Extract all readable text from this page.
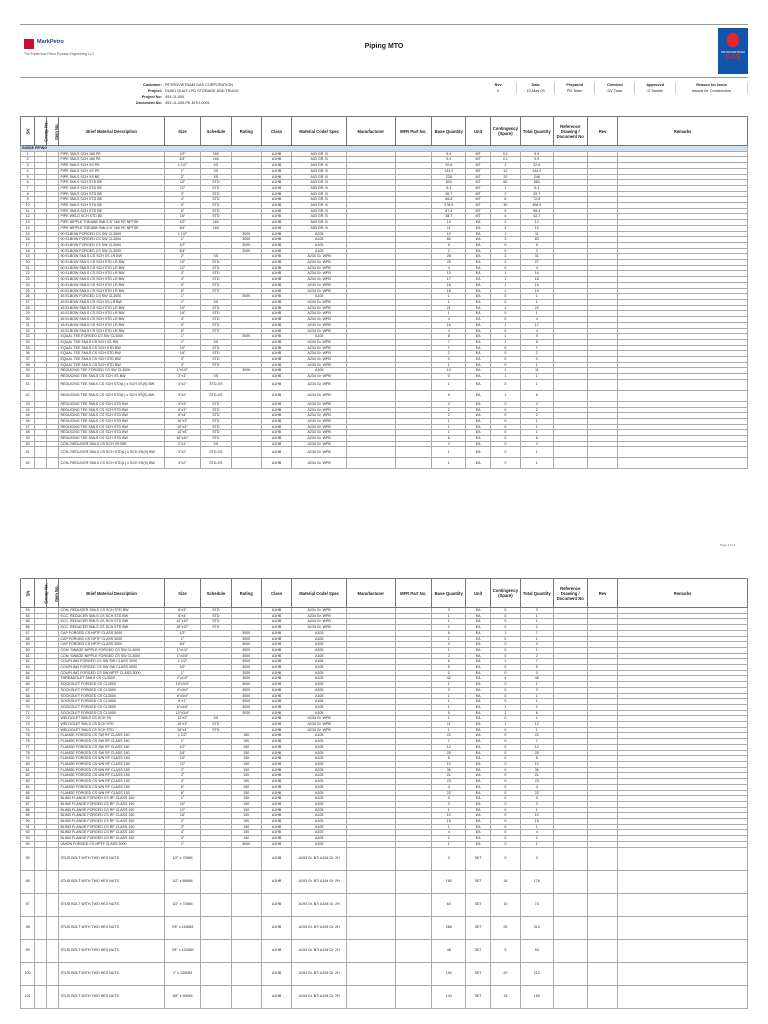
MarkPetro
The Fullservice Petrol Process Engineering LLC
Piping MTO
PETROVIETNAM
GAS
Customer: PETROVIETNAM GAS CORPORATION
Project: DUNG QUAT LPG STORAGE AND TRUCK
Project No: 493-J1-005
Document No: 493-J1-005-PE-MTO-0001
Rev	Date	Prepared	Checked	Approved	Reason for Issue
0	10-May-09	PD Team	DV Tuan	D Swartz	Issued for Construction
SN	Group No.	Item No.	Brief Material Description	Size	Schedule	Rating	Class	Material Code/ Spec	Manufacturer	MFR Part No.	Base Quantity	Unit	Contingency (Spare)	Total Quantity	Reference Drawing / Document No	Rev	Remarks
INSIDE PIPING																	
1			PIPE SMLS SCH 160 PE	1/2"	160		A1HB	A53 GR. B			5.4	MT	0.1	5.5			
2			PIPE SMLS SCH 160 PE	3/4"	160		A1HB	A53 GR. B			5.4	MT	0.1	5.5			
3			PIPE SMLS SCH XS PE	1 1/2"	XS		A1HB	A53 GR. B			20.6	MT	2	22.6			
4			PIPE SMLS SCH XS PE	1"	XS		A1HB	A53 GR. B			134.2	MT	10	144.2			
5			PIPE SMLS SCH XS BE	2"	XS		A1HB	A53 GR. B			228	MT	20	248			
6			PIPE SMLS SCH STD BE	10"	STD		A1HB	A53 GR. B			503	MT	60	563			
7			PIPE SMLS SCH STD BE	12"	STD		A1HB	A53 GR. B			5.4	MT	1	6.4			
8			PIPE SMLS SCH STD BE	3"	STD		A1HB	A53 GR. B			26.7	MT	3	29.7			
9			PIPE SMLS SCH STD BE	4"	STD		A1HB	A53 GR. B			66.8	MT	6	72.8			
10			PIPE SMLS SCH STD BE	6"	STD		A1HB	A53 GR. B			278.9	MT	30	308.9			
11			PIPE SMLS SCH STD BE	8"	STD		A1HB	A53 GR. B			87.4	MT	9	96.4			
12			PIPE WELD SCH STD BE	16"	STD		A1HB	A53 GR. B			38.7	MT	4	42.7			
13			PIPE NIPPLE TOEABE SMLS 6" 160 PE NPTSE	1/2"	160		A1HB	A53 GR. B			10	EA	2	12			
14			PIPE NIPPLE TOEABE SMLS 6" 160 PE NPTSE	3/4"	160		A1HB	A53 GR. B			11	EA	4	15			
15			90 ELBOW FORGED CS SW CL3000	1 1/2"		3000	A1HB	A105			10	EA	1	11			
16			90 ELBOW FORGED CS SW CL3000	1"		3000	A1HB	A105			80	EA	3	83			
17			90 ELBOW FORGED CS SW CL3000	1/2"		3000	A1HB	A105			5	EA	0	5			
18			90 ELBOW FORGED CS SW CL3000	3/4"		3000	A1HB	A105			2	EA	0	2			
19			90 ELBOW SMLS CS SCH XS LR BW	2"	XS		A1HB	A234 Gr. WPB			28	EA	3	31			
20			90 ELBOW SMLS CS SCH STD LR BW	10"	STD		A1HB	A234 Gr. WPB			25	EA	2	27			
21			90 ELBOW SMLS CS SCH STD LR BW	12"	STD		A1HB	A234 Gr. WPB			4	EA	0	4			
22			90 ELBOW SMLS CS SCH STD LR BW	3"	STD		A1HB	A234 Gr. WPB			13	EA	1	14			
23			90 ELBOW SMLS CS SCH STD LR BW	4"	STD		A1HB	A234 Gr. WPB			17	EA	1	18			
24			90 ELBOW SMLS CS SCH STD LR BW	6"	STD		A1HB	A234 Gr. WPB			18	EA	1	19			
25			90 ELBOW SMLS CS SCH STD LR BW	8"	STD		A1HB	A234 Gr. WPB			18	EA	1	19			
26			45 ELBOW FORGED CS SW CL3000	1"		3000	A1HB	A105			1	EA	0	1			
27			45 ELBOW SMLS CS SCH XS LR BW	2"	XS		A1HB	A234 Gr. WPB			1	EA	0	1			
28			45 ELBOW SMLS CS SCH STD LR BW	10"	STD		A1HB	A234 Gr. WPB			21	EA	1	22			
29			45 ELBOW SMLS CS SCH STD LR BW	16"	STD		A1HB	A234 Gr. WPB			1	EA	0	1			
30			45 ELBOW SMLS CS SCH STD LR BW	4"	STD		A1HB	A234 Gr. WPB			4	EA	0	4			
31			45 ELBOW SMLS CS SCH STD LR BW	6"	STD		A1HB	A234 Gr. WPB			16	EA	1	17			
32			45 ELBOW SMLS CS SCH STD LR BW	8"	STD		A1HB	A234 Gr. WPB			4	EA	0	4			
33			EQUAL TEE FORGED CS SW CL3000	1"		3000	A1HB	A105			8	EA	1	9			
34			EQUAL TEE SMLS CS SCH XS BW	2"	XS		A1HB	A234 Gr. WPB			7	EA	1	8			
35			EQUAL TEE SMLS CS SCH STD BW	10"	STD		A1HB	A234 Gr. WPB			7	EA	0	7			
36			EQUAL TEE SMLS CS SCH STD BW	16"	STD		A1HB	A234 Gr. WPB			2	EA	0	2			
37			EQUAL TEE SMLS CS SCH STD BW	3"	STD		A1HB	A234 Gr. WPB			0	EA	0	0			
38			EQUAL TEE SMLS CS SCH STD BW	4"	STD		A1HB	A234 Gr. WPB			1	EA	0	1			
39			REDUCING TEE FORGED CS SW CL3000	1"x1/2"		3000	A1HB	A105			10	EA	1	11			
40			REDUCING TEE SMLS CS SCH XS BW	2"x1"	XS		A1HB	A234 Gr. WPB			0	EA	1	1			
41			REDUCING TEE SMLS CS SCH STD(L) x SCH XS(S) BW	3"x2"	STD-XS		A1HB	A234 Gr. WPB			1	EA	0	1			
42			REDUCING TEE SMLS CS SCH STD(L) x SCH XS(S) BW	3"x2"	STD-XS		A1HB	A234 Gr. WPB			5	EA	1	6			
43			REDUCING TEE SMLS CS SCH STD BW	4"x3"	STD		A1HB	A234 Gr. WPB			2	EA	0	2			
44			REDUCING TEE SMLS CS SCH STD BW	6"x3"	STD		A1HB	A234 Gr. WPB			2	EA	0	2			
45			REDUCING TEE SMLS CS SCH STD BW	6"x4"	STD		A1HB	A234 Gr. WPB			2	EA	0	2			
46			REDUCING TEE SMLS CS SCH STD BW	10"x3"	STD		A1HB	A234 Gr. WPB			1	EA	0	1			
47			REDUCING TEE SMLS CS SCH STD BW	10"x4"	STD		A1HB	A234 Gr. WPB			1	EA	0	1			
48			REDUCING TEE SMLS CS SCH STD BW	10"x6"	STD		A1HB	A234 Gr. WPB			1	EA	0	1			
49			REDUCING TEE SMLS CS SCH STD BW	16"x10"	STD		A1HB	A234 Gr. WPB			6	EA	0	6			
50			CON. REDUCER SMLS CS SCH XS BW	2"x1"	XS		A1HB	A234 Gr. WPB			2	EA	0	2			
51			CON. REDUCER SMLS CS SCH STD(L) x SCH XS(S) BW	3"x2"	STD-XS		A1HB	A234 Gr. WPB			1	EA	0	1			
52			CON. REDUCER SMLS CS SCH STD(L) x SCH XS(S) BW	4"x2"	STD-XS		A1HB	A234 Gr. WPB			1	EA	0	1			
Page 1 of 4
SN	Group No.	Item No.	Brief Material Description	Size	Schedule	Rating	Class	Material Code/ Spec	Manufacturer	MFR Part No.	Base Quantity	Unit	Contingency (Spare)	Total Quantity	Reference Drawing / Document No	Rev	Remarks
53			CON. REDUCER SMLS CS SCH STD BW	6"x3"	STD		A1HB	A234 Gr. WPB			3	EA	0	3			
54			ECC. REDUCER SMLS CS SCH STD BW	6"x4"	STD		A1HB	A234 Gr. WPB			1	EA	0	1			
55			ECC. REDUCER SMLS CS SCH STD BW	12"x10"	STD		A1HB	A234 Gr. WPB			1	EA	0	1			
56			ECC. REDUCER SMLS CS SCH STD BW	16"x12"	STD		A1HB	A234 Gr. WPB			2	EA	0	2			
57			CAP FORGED CS NPTF CLASS 3000	1/2"		3000	A1HB	A105			6	EA	1	7			
58			CAP FORGED CS NPTF CLASS 3000	1"		3000	A1HB	A105			1	EA	0	1			
59			CAP FORGED CS NPTF CLASS 3000	3/4"		3000	A1HB	A105			0	EA	0	0			
60			CON. SWAGE NIPPLE FORGED CS SW CL3000	1"x1/2"		3000	A1HB	A105			1	EA	0	1			
61			CON. SWAGE NIPPLE FORGED CS SW CL3000	1"x3/4"		3000	A1HB	A105			2	EA	0	2			
62			COUPLING FORGED CS SW SW CLASS 3000	1 1/2"		3000	A1HB	A105			6	EA	1	7			
63			COUPLING FORGED CS SW SW CLASS 3000	1/2"		3000	A1HB	A105			5	EA	0	5			
64			COUPLING FORGED CS SW NPTF CLASS 3000	1"		3000	A1HB	A105			0	EA	0	0			
65			THREADOLET SMLS CS CL3000	2"x1/2"		3000	A1HB	A105			42	EA	4	46			
66			SOCKOLET FORGED CS CL3000	10"x3/4"		3000	A1HB	A105			1	EA	0	1			
67			SOCKOLET FORGED CS CL3000	4"x3/4"		3000	A1HB	A105			2	EA	0	2			
68			SOCKOLET FORGED CS CL3000	6"x3/4"		3000	A1HB	A105			1	EA	0	1			
69			SOCKOLET FORGED CS CL3000	8"x1"		3000	A1HB	A105			1	EA	0	1			
70			SOCKOLET FORGED CS CL3000	6"x3/4"		3000	A1HB	A105			1	EA	1	2			
71			SOCKOLET FORGED CS CL3000	12"x3/4"		3000	A1HB	A105			5	EA	1	6			
72			WELDOLET SMLS CS SCH XS	12"x2"	XS		A1HB	A234 Gr. WPB			1	EA	0	1			
73			WELDOLET SMLS CS SCH STD	10"x3"	STD		A1HB	A234 Gr. WPB			11	EA	1	12			
74			WELDOLET SMLS CS SCH STD	16"x4"	STD		A1HB	A234 Gr. WPB			1	EA	0	1			
75			FLANGE FORGED CS SW RF CLASS 150	1 1/2"		150	A1HB	A105			22	EA	0	22			
76			FLANGE FORGED CS SW RF CLASS 150	1"		150	A1HB	A105			7	EA	0	7			
77			FLANGE FORGED CS SW RF CLASS 150	1/2"		150	A1HB	A105			12	EA	0	12			
78			FLANGE FORGED CS SW RF CLASS 150	3/4"		150	A1HB	A105			25	EA	0	25			
79			FLANGE FORGED CS WN RF CLASS 150	10"		150	A1HB	A105			5	EA	0	5			
80			FLANGE FORGED CS WN RF CLASS 150	12"		150	A1HB	A105			10	EA	0	10			
81			FLANGE FORGED CS WN RF CLASS 150	2"		150	A1HB	A105			36	EA	0	36			
82			FLANGE FORGED CS WN RF CLASS 150	3"		150	A1HB	A105			21	EA	0	21			
83			FLANGE FORGED CS WN RF CLASS 150	4"		150	A1HB	A105			23	EA	0	23			
84			FLANGE FORGED CS WN RF CLASS 150	6"		150	A1HB	A105			4	EA	0	4			
85			FLANGE FORGED CS WN RF CLASS 150	8"		150	A1HB	A105			22	EA	0	22			
86			BLIND FLANGE FORGED CS RF CLASS 150	1"		150	A1HB	A105			0	EA	0	0			
87			BLIND FLANGE FORGED CS RF CLASS 150	10"		150	A1HB	A105			3	EA	0	3			
88			BLIND FLANGE FORGED CS RF CLASS 150	12"		150	A1HB	A105			1	EA	0	1			
89			BLIND FLANGE FORGED CS RF CLASS 150	16"		150	A1HB	A105			10	EA	0	10			
90			BLIND FLANGE FORGED CS RF CLASS 150	2"		150	A1HB	A105			15	EA	0	15			
91			BLIND FLANGE FORGED CS RF CLASS 150	3"		150	A1HB	A105			1	EA	0	1			
92			BLIND FLANGE FORGED CS RF CLASS 150	4"		150	A1HB	A105			4	EA	0	4			
93			BLIND FLANGE FORGED CS RF CLASS 150	6"		150	A1HB	A105			2	EA	0	2			
94			UNION FORGED CS NPTF CLASS 3000	1"		3000	A1HB	A105			1	EA	0	1			
95			STUD BOLT WITH TWO HEX NUTS	1/2" x 70MM			A1HB	A193 Gr. B7/ A194 Gr. 2H			0	SET	0	0			
96			STUD BOLT WITH TWO HEX NUTS	1/2" x 65MM			A1HB	A193 Gr. B7/ A194 Gr. 2H			160	SET	16	176			
97			STUD BOLT WITH TWO HEX NUTS	1/2" x 70MM			A1HB	A193 Gr. B7/ A194 Gr. 2H			64	SET	10	74			
98			STUD BOLT WITH TWO HEX NUTS	7/8" x 115MM			A1HB	A193 Gr. B7/ A194 Gr. 2H			288	SET	25	313			
99			STUD BOLT WITH TWO HEX NUTS	7/8" x 120MM			A1HB	A193 Gr. B7/ A194 Gr. 2H			48	SET	5	53			
100			STUD BOLT WITH TWO HEX NUTS	1" x 130MM			A1HB	A193 Gr. B7/ A194 Gr. 2H			192	SET	20	212			
101			STUD BOLT WITH TWO HEX NUTS	5/8" x 90MM			A1HB	A193 Gr. B7/ A194 Gr. 2H			144	SET	15	159			
